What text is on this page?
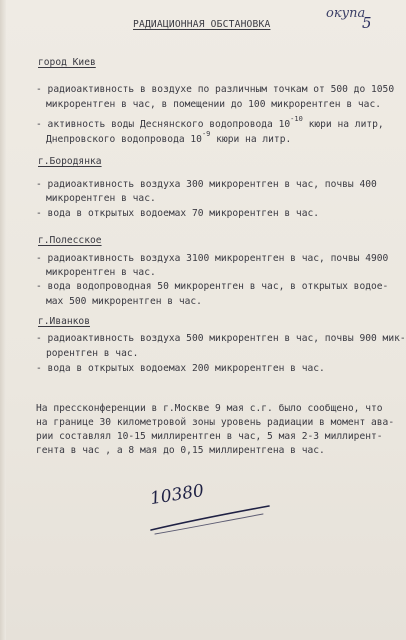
окупа
5
РАДИАЦИОННАЯ ОБСТАНОВКА
город Киев
- радиоактивность в воздухе по различным точкам от 500 до 1050
микрорентген в час, в помещении до 100 микрорентген в час.
- активность воды Деснянского водопровода $10^{-10}$ кюри на литр,
Днепровского водопровода $10^{-9}$ кюри на литр.
г.Бородянка
- радиоактивность воздуха 300 микрорентген в час, почвы 400
микрорентген в час.
- вода в открытых водоемах 70 микрорентген в час.
г.Полесское
- радиоактивность воздуха 3100 микрорентген в час, почвы 4900
микрорентген в час.
- вода водопроводная 50 микрорентген в час, в открытых водое-
мах 500 микрорентген в час.
г.Иванков
- радиоактивность воздуха 500 микрорентген в час, почвы 900 мик-
рорентген в час.
- вода в открытых водоемах 200 микрорентген в час.
На прессконференции в г.Москве 9 мая с.г. было сообщено, что
на границе 30 километровой зоны уровень радиации в момент ава-
рии составлял 10-15 миллирентген в час, 5 мая 2-3 миллирент-
гента в час , а 8 мая до 0,15 миллирентгена в час.
10380
